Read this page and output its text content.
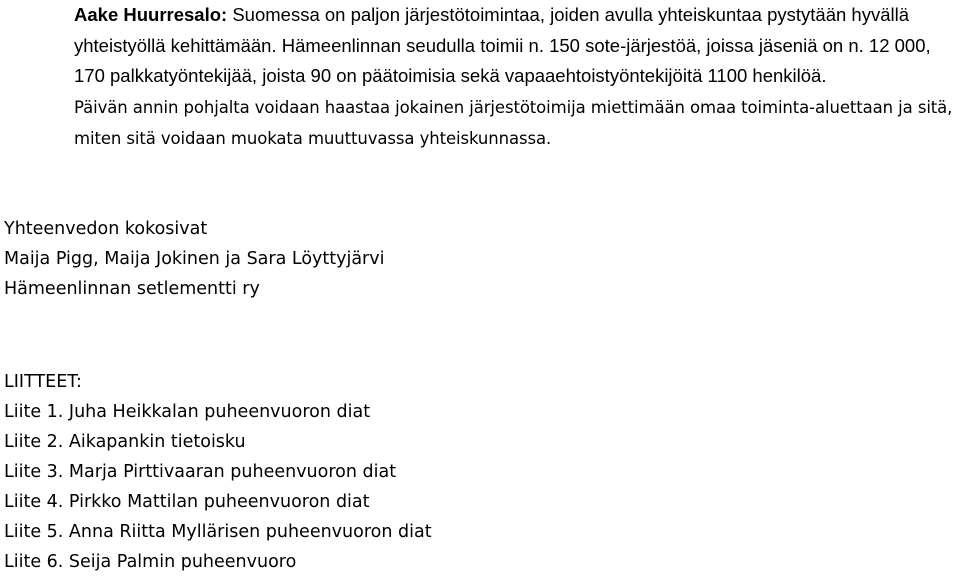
Aake Huurresalo: Suomessa on paljon järjestötoimintaa, joiden avulla yhteiskuntaa pystytään hyvällä yhteistyöllä kehittämään. Hämeenlinnan seudulla toimii n. 150 sote-järjestöä, joissa jäseniä on n. 12 000, 170 palkkatyöntekijää, joista 90 on päätoimisia sekä vapaaehtoistyöntekijöitä 1100 henkilöä.
Päivän annin pohjalta voidaan haastaa jokainen järjestötoimija miettimään omaa toiminta-aluettaan ja sitä, miten sitä voidaan muokata muuttuvassa yhteiskunnassa.
Yhteenvedon kokosivat
Maija Pigg, Maija Jokinen ja Sara Löyttyjärvi
Hämeenlinnan setlementti ry
LIITTEET:
Liite 1. Juha Heikkalan puheenvuoron diat
Liite 2. Aikapankin tietoisku
Liite 3. Marja Pirttivaaran puheenvuoron diat
Liite 4. Pirkko Mattilan puheenvuoron diat
Liite 5. Anna Riitta Myllärisen puheenvuoron diat
Liite 6. Seija Palmin puheenvuoro
